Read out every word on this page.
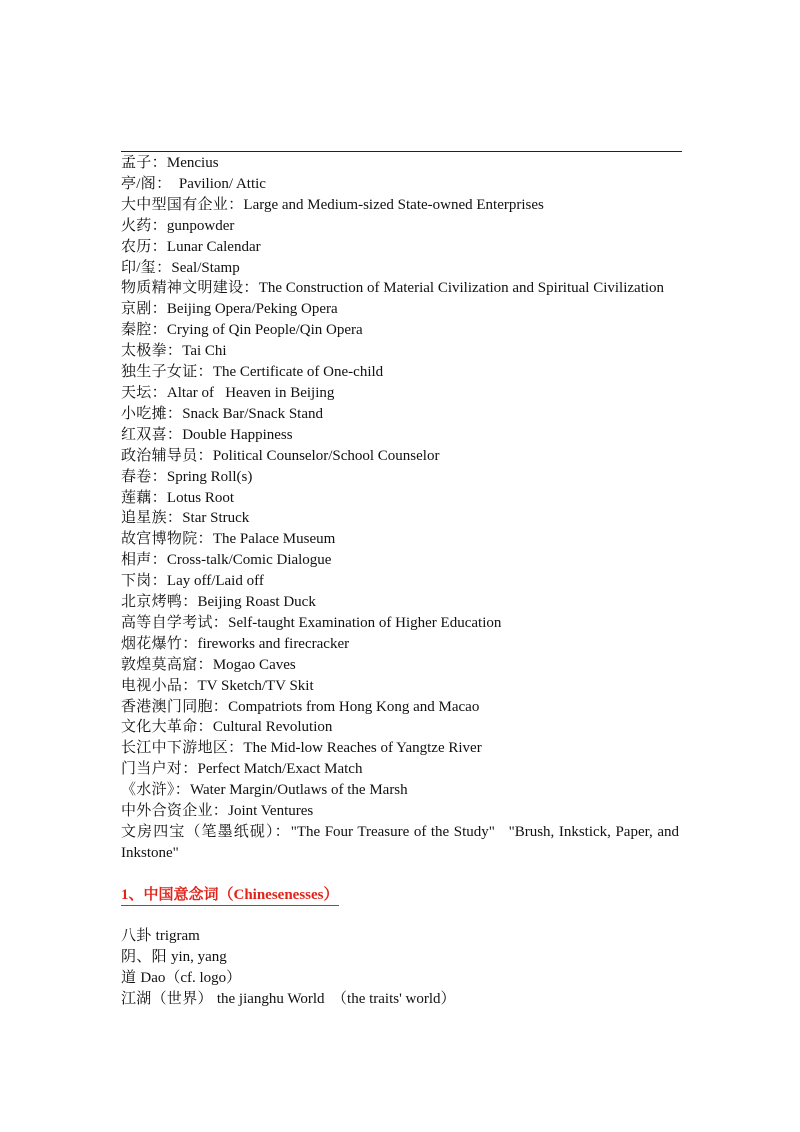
孟子：Mencius

亭/阁：  Pavilion/ Attic

大中型国有企业：Large and Medium-sized State-owned Enterprises

火药：gunpowder

农历：Lunar Calendar

印/玺：Seal/Stamp

物质精神文明建设：The Construction of Material Civilization and Spiritual Civilization

京剧：Beijing Opera/Peking Opera

秦腔：Crying of Qin People/Qin Opera

太极拳：Tai Chi

独生子女证：The Certificate of One-child

天坛：Altar of   Heaven in Beijing

小吃摊：Snack Bar/Snack Stand

红双喜：Double Happiness

政治辅导员：Political Counselor/School Counselor

春卷：Spring Roll(s)

莲藕：Lotus Root

追星族：Star Struck

故宫博物院：The Palace Museum

相声：Cross-talk/Comic Dialogue

下岗：Lay off/Laid off

北京烤鸭：Beijing Roast Duck

高等自学考试：Self-taught Examination of Higher Education

烟花爆竹：fireworks and firecracker

敦煌莫高窟：Mogao Caves

电视小品：TV Sketch/TV Skit

香港澳门同胞：Compatriots from Hong Kong and Macao

文化大革命：Cultural Revolution

长江中下游地区：The Mid-low Reaches of Yangtze River

门当户对：Perfect Match/Exact Match

《水浒》：Water Margin/Outlaws of the Marsh

中外合资企业：Joint Ventures

文房四宝（笔墨纸砚）："The Four Treasure of the Study"   "Brush, Inkstick, Paper, and Inkstone"

1、中国意念词（Chinesenesses）

八卦 trigram

阴、阳 yin, yang

道 Dao（cf. logo）

江湖（世界） the jianghu World  （the traits' world）
